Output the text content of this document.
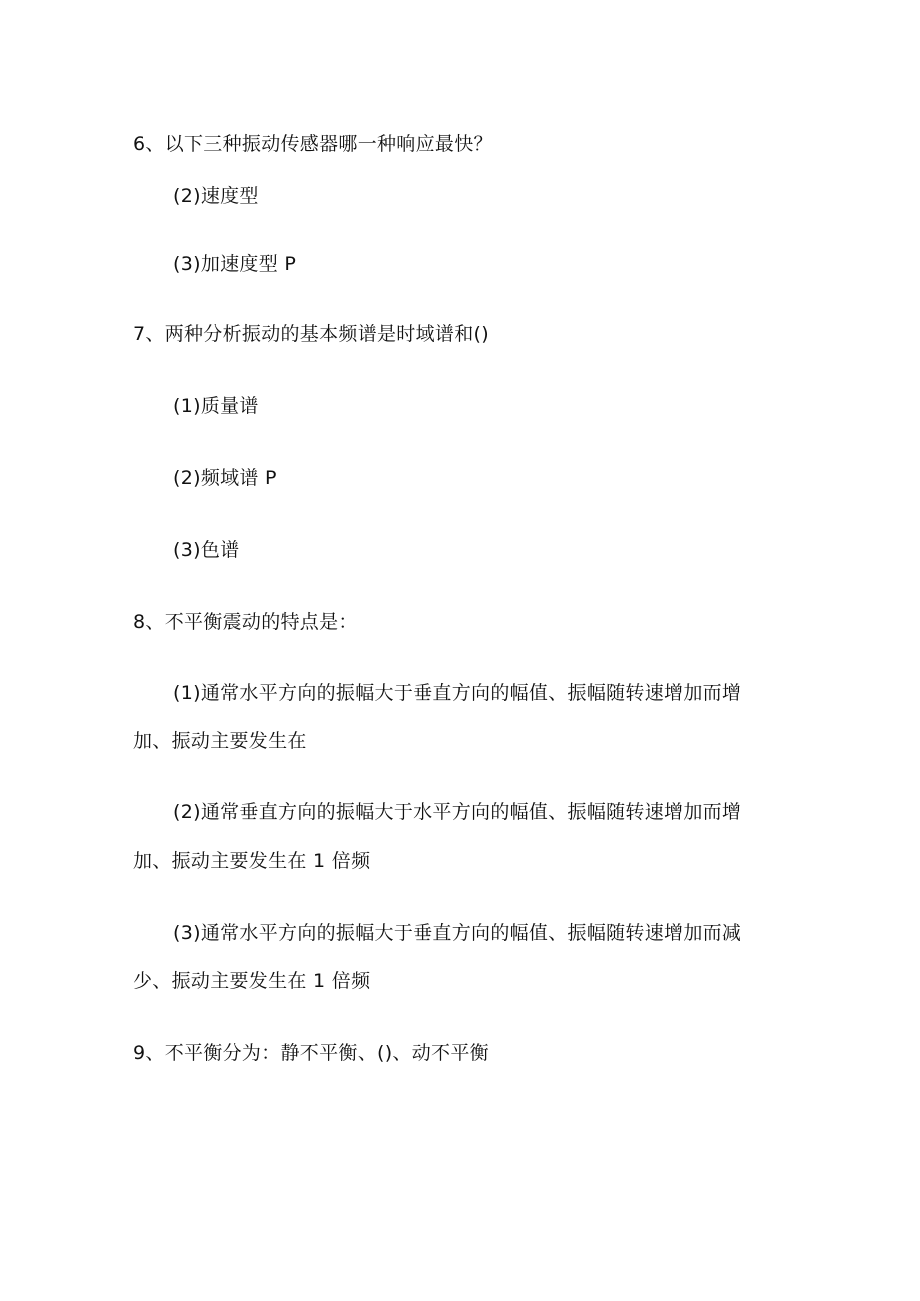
6、以下三种振动传感器哪一种响应最快？
(2)速度型
(3)加速度型 P
7、两种分析振动的基本频谱是时域谱和()
(1)质量谱
(2)频域谱 P
(3)色谱
8、不平衡震动的特点是：
(1)通常水平方向的振幅大于垂直方向的幅值、振幅随转速增加而增
加、振动主要发生在
(2)通常垂直方向的振幅大于水平方向的幅值、振幅随转速增加而增
加、振动主要发生在 1 倍频
(3)通常水平方向的振幅大于垂直方向的幅值、振幅随转速增加而减
少、振动主要发生在 1 倍频
9、不平衡分为：静不平衡、()、动不平衡
